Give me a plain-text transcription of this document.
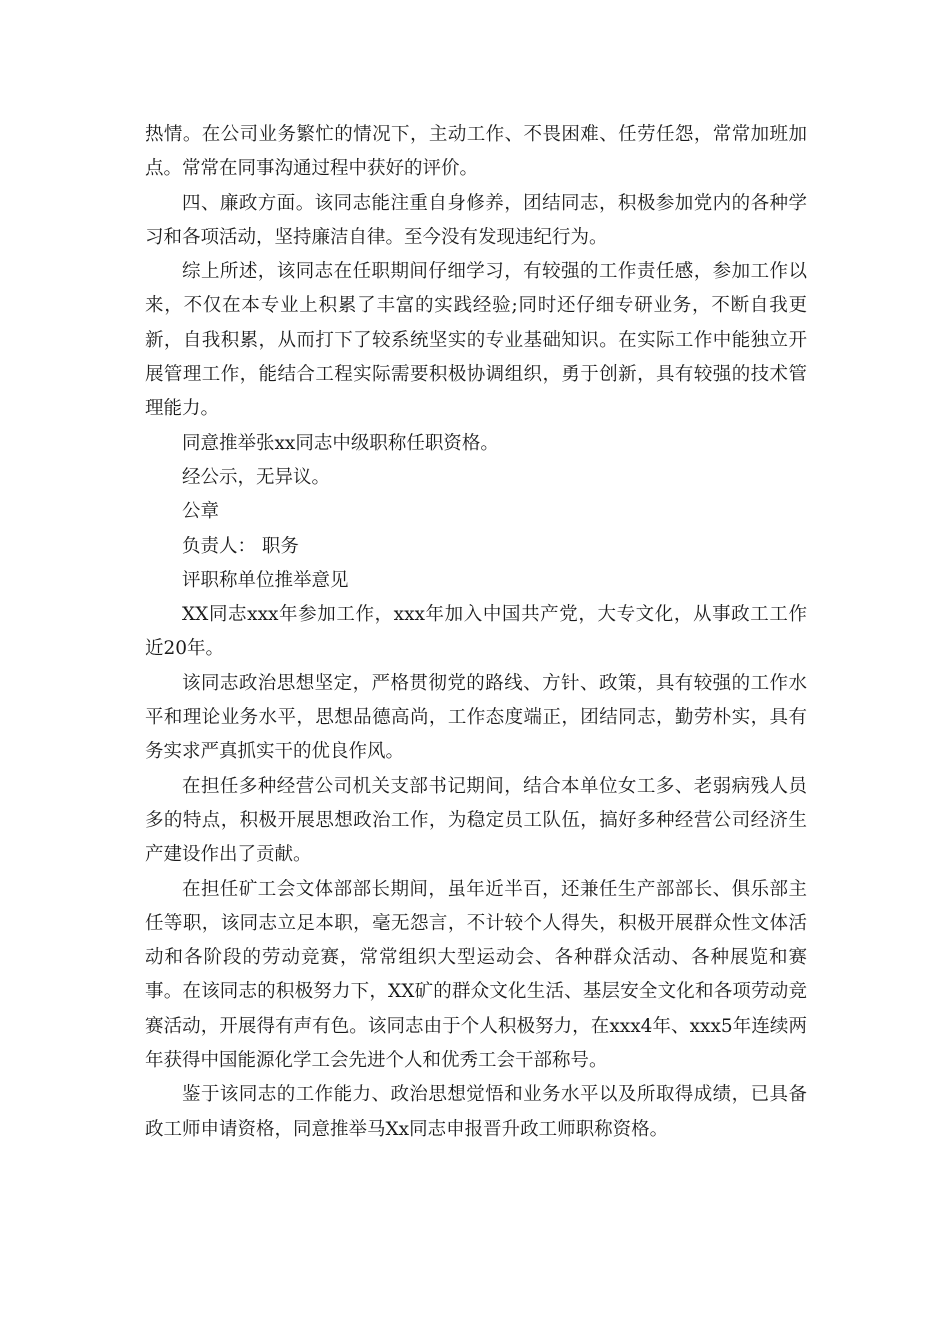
热情。在公司业务繁忙的情况下，主动工作、不畏困难、任劳任怨，常常加班加点。常常在同事沟通过程中获好的评价。

四、廉政方面。该同志能注重自身修养，团结同志，积极参加党内的各种学习和各项活动，坚持廉洁自律。至今没有发现违纪行为。

综上所述，该同志在任职期间仔细学习，有较强的工作责任感，参加工作以来，不仅在本专业上积累了丰富的实践经验;同时还仔细专研业务，不断自我更新，自我积累，从而打下了较系统坚实的专业基础知识。在实际工作中能独立开展管理工作，能结合工程实际需要积极协调组织，勇于创新，具有较强的技术管理能力。

同意推举张xx同志中级职称任职资格。

经公示，无异议。

公章

负责人： 职务

评职称单位推举意见

XX同志xxx年参加工作，xxx年加入中国共产党，大专文化，从事政工工作近20年。

该同志政治思想坚定，严格贯彻党的路线、方针、政策，具有较强的工作水平和理论业务水平，思想品德高尚，工作态度端正，团结同志，勤劳朴实，具有务实求严真抓实干的优良作风。

在担任多种经营公司机关支部书记期间，结合本单位女工多、老弱病残人员多的特点，积极开展思想政治工作，为稳定员工队伍，搞好多种经营公司经济生产建设作出了贡献。

在担任矿工会文体部部长期间，虽年近半百，还兼任生产部部长、俱乐部主任等职，该同志立足本职，毫无怨言，不计较个人得失，积极开展群众性文体活动和各阶段的劳动竞赛，常常组织大型运动会、各种群众活动、各种展览和赛事。在该同志的积极努力下，XX矿的群众文化生活、基层安全文化和各项劳动竞赛活动，开展得有声有色。该同志由于个人积极努力，在xxx4年、xxx5年连续两年获得中国能源化学工会先进个人和优秀工会干部称号。

鉴于该同志的工作能力、政治思想觉悟和业务水平以及所取得成绩，已具备政工师申请资格，同意推举马Xx同志申报晋升政工师职称资格。
